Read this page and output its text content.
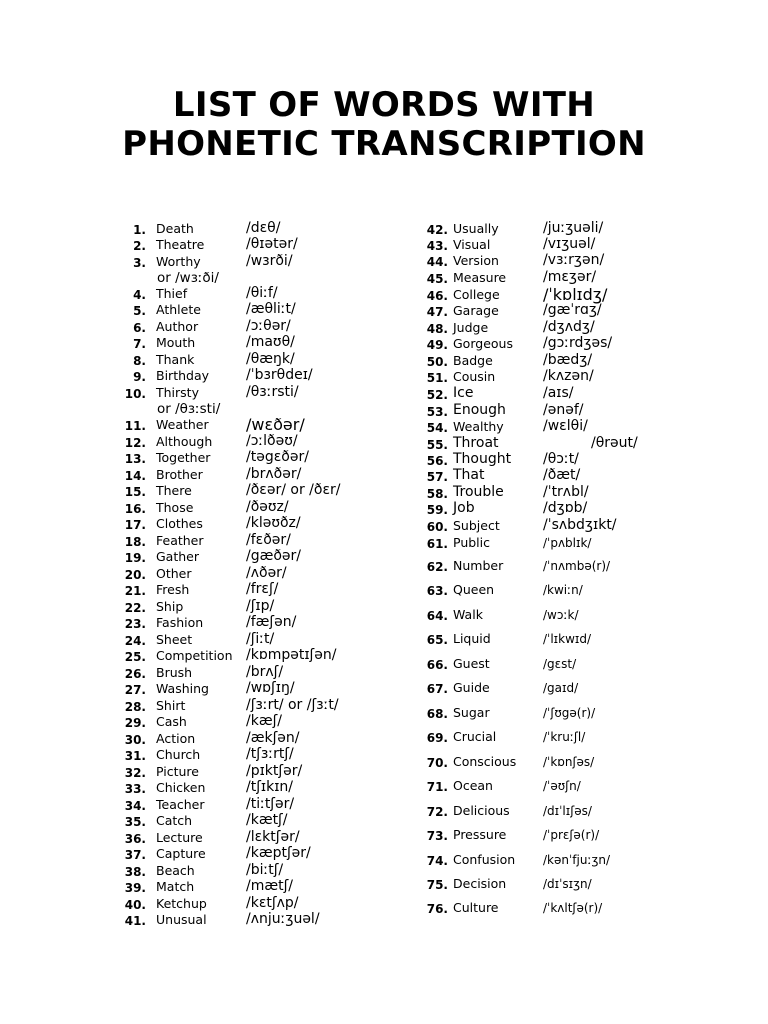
LIST OF WORDS WITH
PHONETIC TRANSCRIPTION
1. Death	/dɛθ/
2. Theatre	/θɪətər/
3. Worthy	/wɜrði/
or /wɜːði/
4. Thief	/θiːf/
5. Athlete	/æθliːt/
6. Author	/ɔːθər/
7. Mouth	/maʊθ/
8. Thank	/θæŋk/
9. Birthday	/ˈbɜrθdeɪ/
10. Thirsty	/θɜːrsti/
or /θɜːsti/
11. Weather /wɛðər/
12. Although /ɔːlðəʊ/
13. Together	/təgɛðər/
14. Brother	/brʌðər/
15. There	/ðɛər/ or /ðɛr/
16. Those	/ðəʊz/
17. Clothes	/kləʊðz/
18. Feather	/fɛðər/
19. Gather	/gæðər/
20. Other	/ʌðər/
21. Fresh	/frɛʃ/
22. Ship	/ʃɪp/
23. Fashion	/fæʃən/
24. Sheet	/ʃiːt/
25. Competition /kɒmpətɪʃən/
26. Brush	/brʌʃ/
27. Washing	/wɒʃɪŋ/
28. Shirt	/ʃɜːrt/ or /ʃɜːt/
29. Cash	/kæʃ/
30. Action	/ækʃən/
31. Church	/tʃɜːrtʃ/
32. Picture	/pɪktʃər/
33. Chicken	/tʃɪkɪn/
34. Teacher	/tiːtʃər/
35. Catch	/kætʃ/
36. Lecture	/lɛktʃər/
37. Capture	/kæptʃər/
38. Beach	/biːtʃ/
39. Match	/mætʃ/
40. Ketchup	/kɛtʃʌp/
41. Unusual	/ʌnjuːʒuəl/
42. Usually	/juːʒuəli/
43. Visual	/vɪʒuəl/
44. Version	/vɜːrʒən/
45. Measure	/mɛʒər/
46. College	/ˈkɒlɪdʒ/
47. Garage	/gæˈrɑʒ/
48. Judge	/dʒʌdʒ/
49. Gorgeous /gɔːrdʒəs/
50. Badge	/bædʒ/
51. Cousin	/kʌzən/
52. Ice	/aɪs/
53. Enough	/ənəf/
54. Wealthy	/wɛlθi/
55. Throat	/θrəut/
56. Thought /θɔːt/
57. That	/ðæt/
58. Trouble	/ˈtrʌbl/
59. Job	/dʒɒb/
60. Subject	/ˈsʌbdʒɪkt/
61. Public	/ˈpʌblɪk/
62. Number	/ˈnʌmbə(r)/
63. Queen	/kwiːn/
64. Walk	/wɔːk/
65. Liquid	/ˈlɪkwɪd/
66. Guest	/gɛst/
67. Guide	/gaɪd/
68. Sugar	/ˈʃʊgə(r)/
69. Crucial	/ˈkruːʃl/
70. Conscious /ˈkɒnʃəs/
71. Ocean	/ˈəʊʃn/
72. Delicious	/dɪˈlɪʃəs/
73. Pressure	/ˈprɛʃə(r)/
74. Confusion /kənˈfjuːʒn/
75. Decision	/dɪˈsɪʒn/
76. Culture	/ˈkʌltʃə(r)/
